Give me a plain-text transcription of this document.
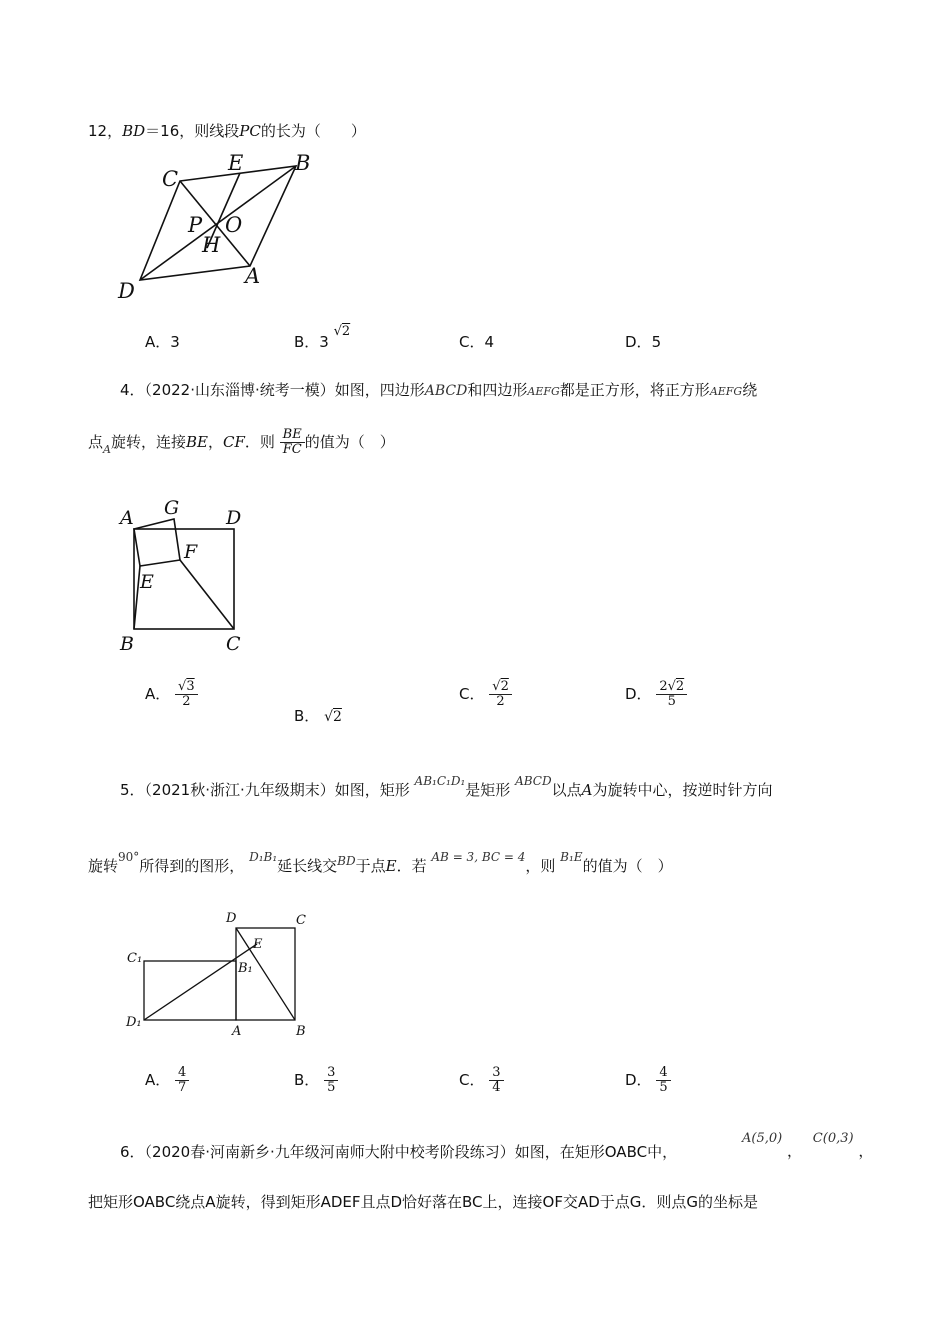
12，BD＝16，则线段PC的长为（　　）
C
E B
P O
H
D
A
A．3	B．3 √2
C．4	D．5
4．（2022·山东淄博·统考一模）如图，四边形ABCD和四边形AEFG都是正方形，将正方形AEFG绕
点$_A$旋转，连接BE，CF．则 $\frac{BE}{FC}$ 的值为（　）
A G D
F
E
B	C
A． $\frac{√3}{2}$
B． √2
C． $\frac{√2}{2}$	D． $\frac{2√2}{5}$
5．（2021秋·浙江·九年级期末）如图，矩形 $^{AB_1C_1D_1}$是矩形 $^{ABCD}$以点A为旋转中心，按逆时针方向
旋转$^{90^\circ}$所得到的图形， $^{D_1B_1}$延长线交$^{BD}$于点E．若 $^{AB = 3, BC = 4}$，则 $^{B_1E}$的值为（　）
D	C
C₁
E
B₁
D₁
A	B
A． $\frac{4}{7}$	B． $\frac{3}{5}$	C． $\frac{3}{4}$	D． $\frac{4}{5}$
6．（2020春·河南新乡·九年级河南师大附中校考阶段练习）如图，在矩形OABC中，
A(5,0) ， C(0,3) ，
把矩形OABC绕点A旋转，得到矩形ADEF且点D恰好落在BC上，连接OF交AD于点G．则点G的坐标是
